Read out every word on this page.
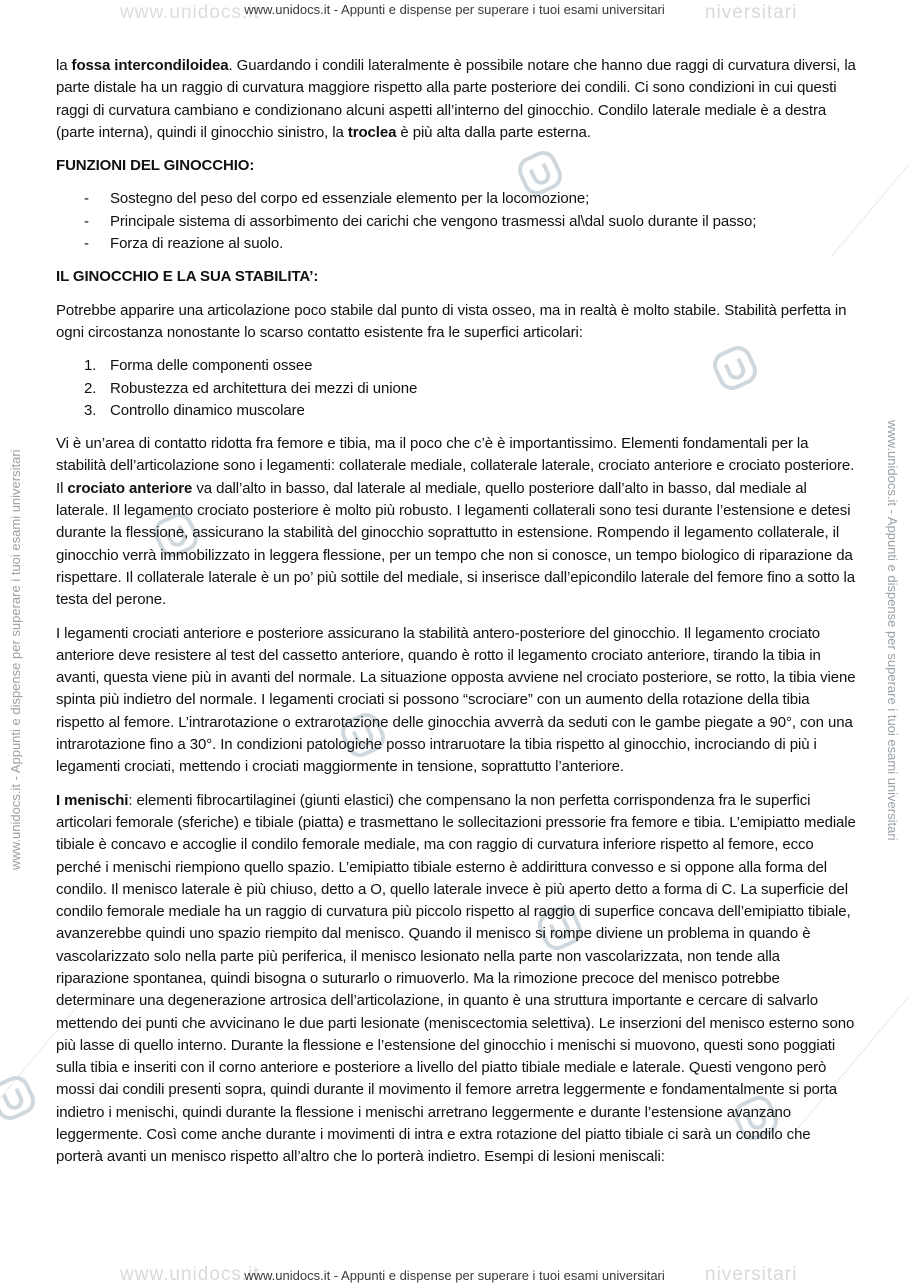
www.unidocs.it	niversitari
www.unidocs.it	niversitari
www.unidocs.it - Appunti e dispense per superare i tuoi esami universitari
www.unidocs.it - Appunti e dispense per superare i tuoi esami universitari
www.unidocs.it - Appunti e dispense per superare i tuoi esami universitari	www.unidocs.it - Appunti e dispense per superare i tuoi esami universitari

la fossa intercondiloidea. Guardando i condili lateralmente è possibile notare che hanno due raggi di curvatura diversi, la parte distale ha un raggio di curvatura maggiore rispetto alla parte posteriore dei condili. Ci sono condizioni in cui questi raggi di curvatura cambiano e condizionano alcuni aspetti all’interno del ginocchio. Condilo laterale mediale è a destra (parte interna), quindi il ginocchio sinistro, la troclea è più alta dalla parte esterna.

FUNZIONI DEL GINOCCHIO:
- Sostegno del peso del corpo ed essenziale elemento per la locomozione;
- Principale sistema di assorbimento dei carichi che vengono trasmessi al\dal suolo durante il passo;
- Forza di reazione al suolo.
IL GINOCCHIO E LA SUA STABILITA’:

Potrebbe apparire una articolazione poco stabile dal punto di vista osseo, ma in realtà è molto stabile. Stabilità perfetta in ogni circostanza nonostante lo scarso contatto esistente fra le superfici articolari:

1. Forma delle componenti ossee
2. Robustezza ed architettura dei mezzi di unione
3. Controllo dinamico muscolare

Vi è un’area di contatto ridotta fra femore e tibia, ma il poco che c’è è importantissimo. Elementi fondamentali per la stabilità dell’articolazione sono i legamenti: collaterale mediale, collaterale laterale, crociato anteriore e crociato posteriore. Il crociato anteriore va dall’alto in basso, dal laterale al mediale, quello posteriore dall’alto in basso, dal mediale al laterale. Il legamento crociato posteriore è molto più robusto. I legamenti collaterali sono tesi durante l’estensione e detesi durante la flessione, assicurano la stabilità del ginocchio soprattutto in estensione. Rompendo il legamento collaterale, il ginocchio verrà immobilizzato in leggera flessione, per un tempo che non si conosce, un tempo biologico di riparazione da rispettare. Il collaterale laterale è un po’ più sottile del mediale, si inserisce dall’epicondilo laterale del femore fino a sotto la testa del perone.

I legamenti crociati anteriore e posteriore assicurano la stabilità antero-posteriore del ginocchio. Il legamento crociato anteriore deve resistere al test del cassetto anteriore, quando è rotto il legamento crociato anteriore, tirando la tibia in avanti, questa viene più in avanti del normale. La situazione opposta avviene nel crociato posteriore, se rotto, la tibia viene spinta più indietro del normale. I legamenti crociati si possono “scrociare” con un aumento della rotazione della tibia rispetto al femore. L’intrarotazione o extrarotazione delle ginocchia avverrà da seduti con le gambe piegate a 90°, con una intrarotazione fino a 30°. In condizioni patologiche posso intraruotare la tibia rispetto al ginocchio, incrociando di più i legamenti crociati, mettendo i crociati maggiormente in tensione, soprattutto l’anteriore.

I menischi: elementi fibrocartilaginei (giunti elastici) che compensano la non perfetta corrispondenza fra le superfici articolari femorale (sferiche) e tibiale (piatta) e trasmettano le sollecitazioni pressorie fra femore e tibia. L’emipiatto mediale tibiale è concavo e accoglie il condilo femorale mediale, ma con raggio di curvatura inferiore rispetto al femore, ecco perché i menischi riempiono quello spazio. L’emipiatto tibiale esterno è addirittura convesso e si oppone alla forma del condilo. Il menisco laterale è più chiuso, detto a O, quello laterale invece è più aperto detto a forma di C. La superficie del condilo femorale mediale ha un raggio di curvatura più piccolo rispetto al raggio di superfice concava dell’emipiatto tibiale, avanzerebbe quindi uno spazio riempito dal menisco. Quando il menisco si rompe diviene un problema in quando è vascolarizzato solo nella parte più periferica, il menisco lesionato nella parte non vascolarizzata, non tende alla riparazione spontanea, quindi bisogna o suturarlo o rimuoverlo. Ma la rimozione precoce del menisco potrebbe determinare una degenerazione artrosica dell’articolazione, in quanto è una struttura importante e cercare di salvarlo mettendo dei punti che avvicinano le due parti lesionate (meniscectomia selettiva). Le inserzioni del menisco esterno sono più lasse di quello interno. Durante la flessione e l’estensione del ginocchio i menischi si muovono, questi sono poggiati sulla tibia e inseriti con il corno anteriore e posteriore a livello del piatto tibiale mediale e laterale. Questi vengono però mossi dai condili presenti sopra, quindi durante il movimento il femore arretra leggermente e fondamentalmente si porta indietro i menischi, quindi durante la flessione i menischi arretrano leggermente e durante l’estensione avanzano leggermente. Così come anche durante i movimenti di intra e extra rotazione del piatto tibiale ci sarà un condilo che porterà avanti un menisco rispetto all’altro che lo porterà indietro. Esempi di lesioni meniscali:
